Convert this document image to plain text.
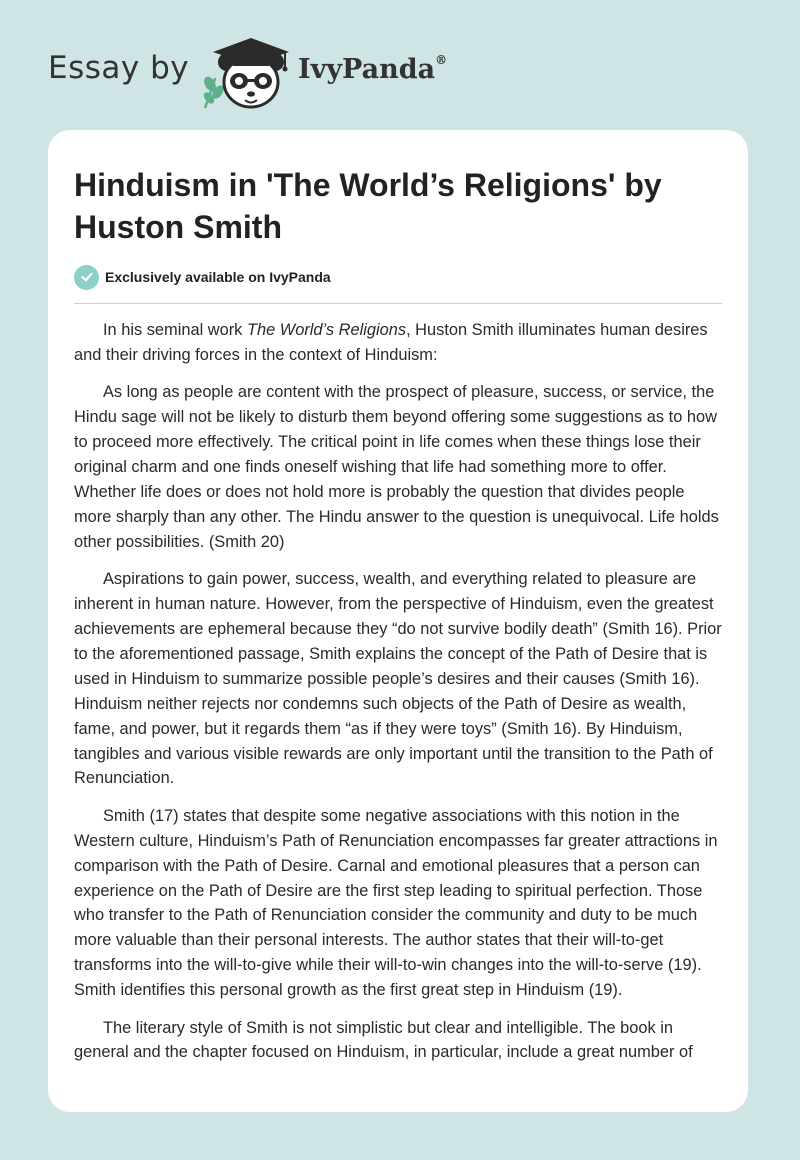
Essay by	IvyPanda®
Hinduism in 'The World’s Religions' by Huston Smith
Exclusively available on IvyPanda

In his seminal work The World’s Religions, Huston Smith illuminates human desires and their driving forces in the context of Hinduism:

As long as people are content with the prospect of pleasure, success, or service, the Hindu sage will not be likely to disturb them beyond offering some suggestions as to how to proceed more effectively. The critical point in life comes when these things lose their original charm and one finds oneself wishing that life had something more to offer. Whether life does or does not hold more is probably the question that divides people more sharply than any other. The Hindu answer to the question is unequivocal. Life holds other possibilities. (Smith 20)

Aspirations to gain power, success, wealth, and everything related to pleasure are inherent in human nature. However, from the perspective of Hinduism, even the greatest achievements are ephemeral because they “do not survive bodily death” (Smith 16). Prior to the aforementioned passage, Smith explains the concept of the Path of Desire that is used in Hinduism to summarize possible people’s desires and their causes (Smith 16). Hinduism neither rejects nor condemns such objects of the Path of Desire as wealth, fame, and power, but it regards them “as if they were toys” (Smith 16). By Hinduism, tangibles and various visible rewards are only important until the transition to the Path of Renunciation.

Smith (17) states that despite some negative associations with this notion in the Western culture, Hinduism’s Path of Renunciation encompasses far greater attractions in comparison with the Path of Desire. Carnal and emotional pleasures that a person can experience on the Path of Desire are the first step leading to spiritual perfection. Those who transfer to the Path of Renunciation consider the community and duty to be much more valuable than their personal interests. The author states that their will-to-get transforms into the will-to-give while their will-to-win changes into the will-to-serve (19). Smith identifies this personal growth as the first great step in Hinduism (19).

The literary style of Smith is not simplistic but clear and intelligible. The book in general and the chapter focused on Hinduism, in particular, include a great number of
